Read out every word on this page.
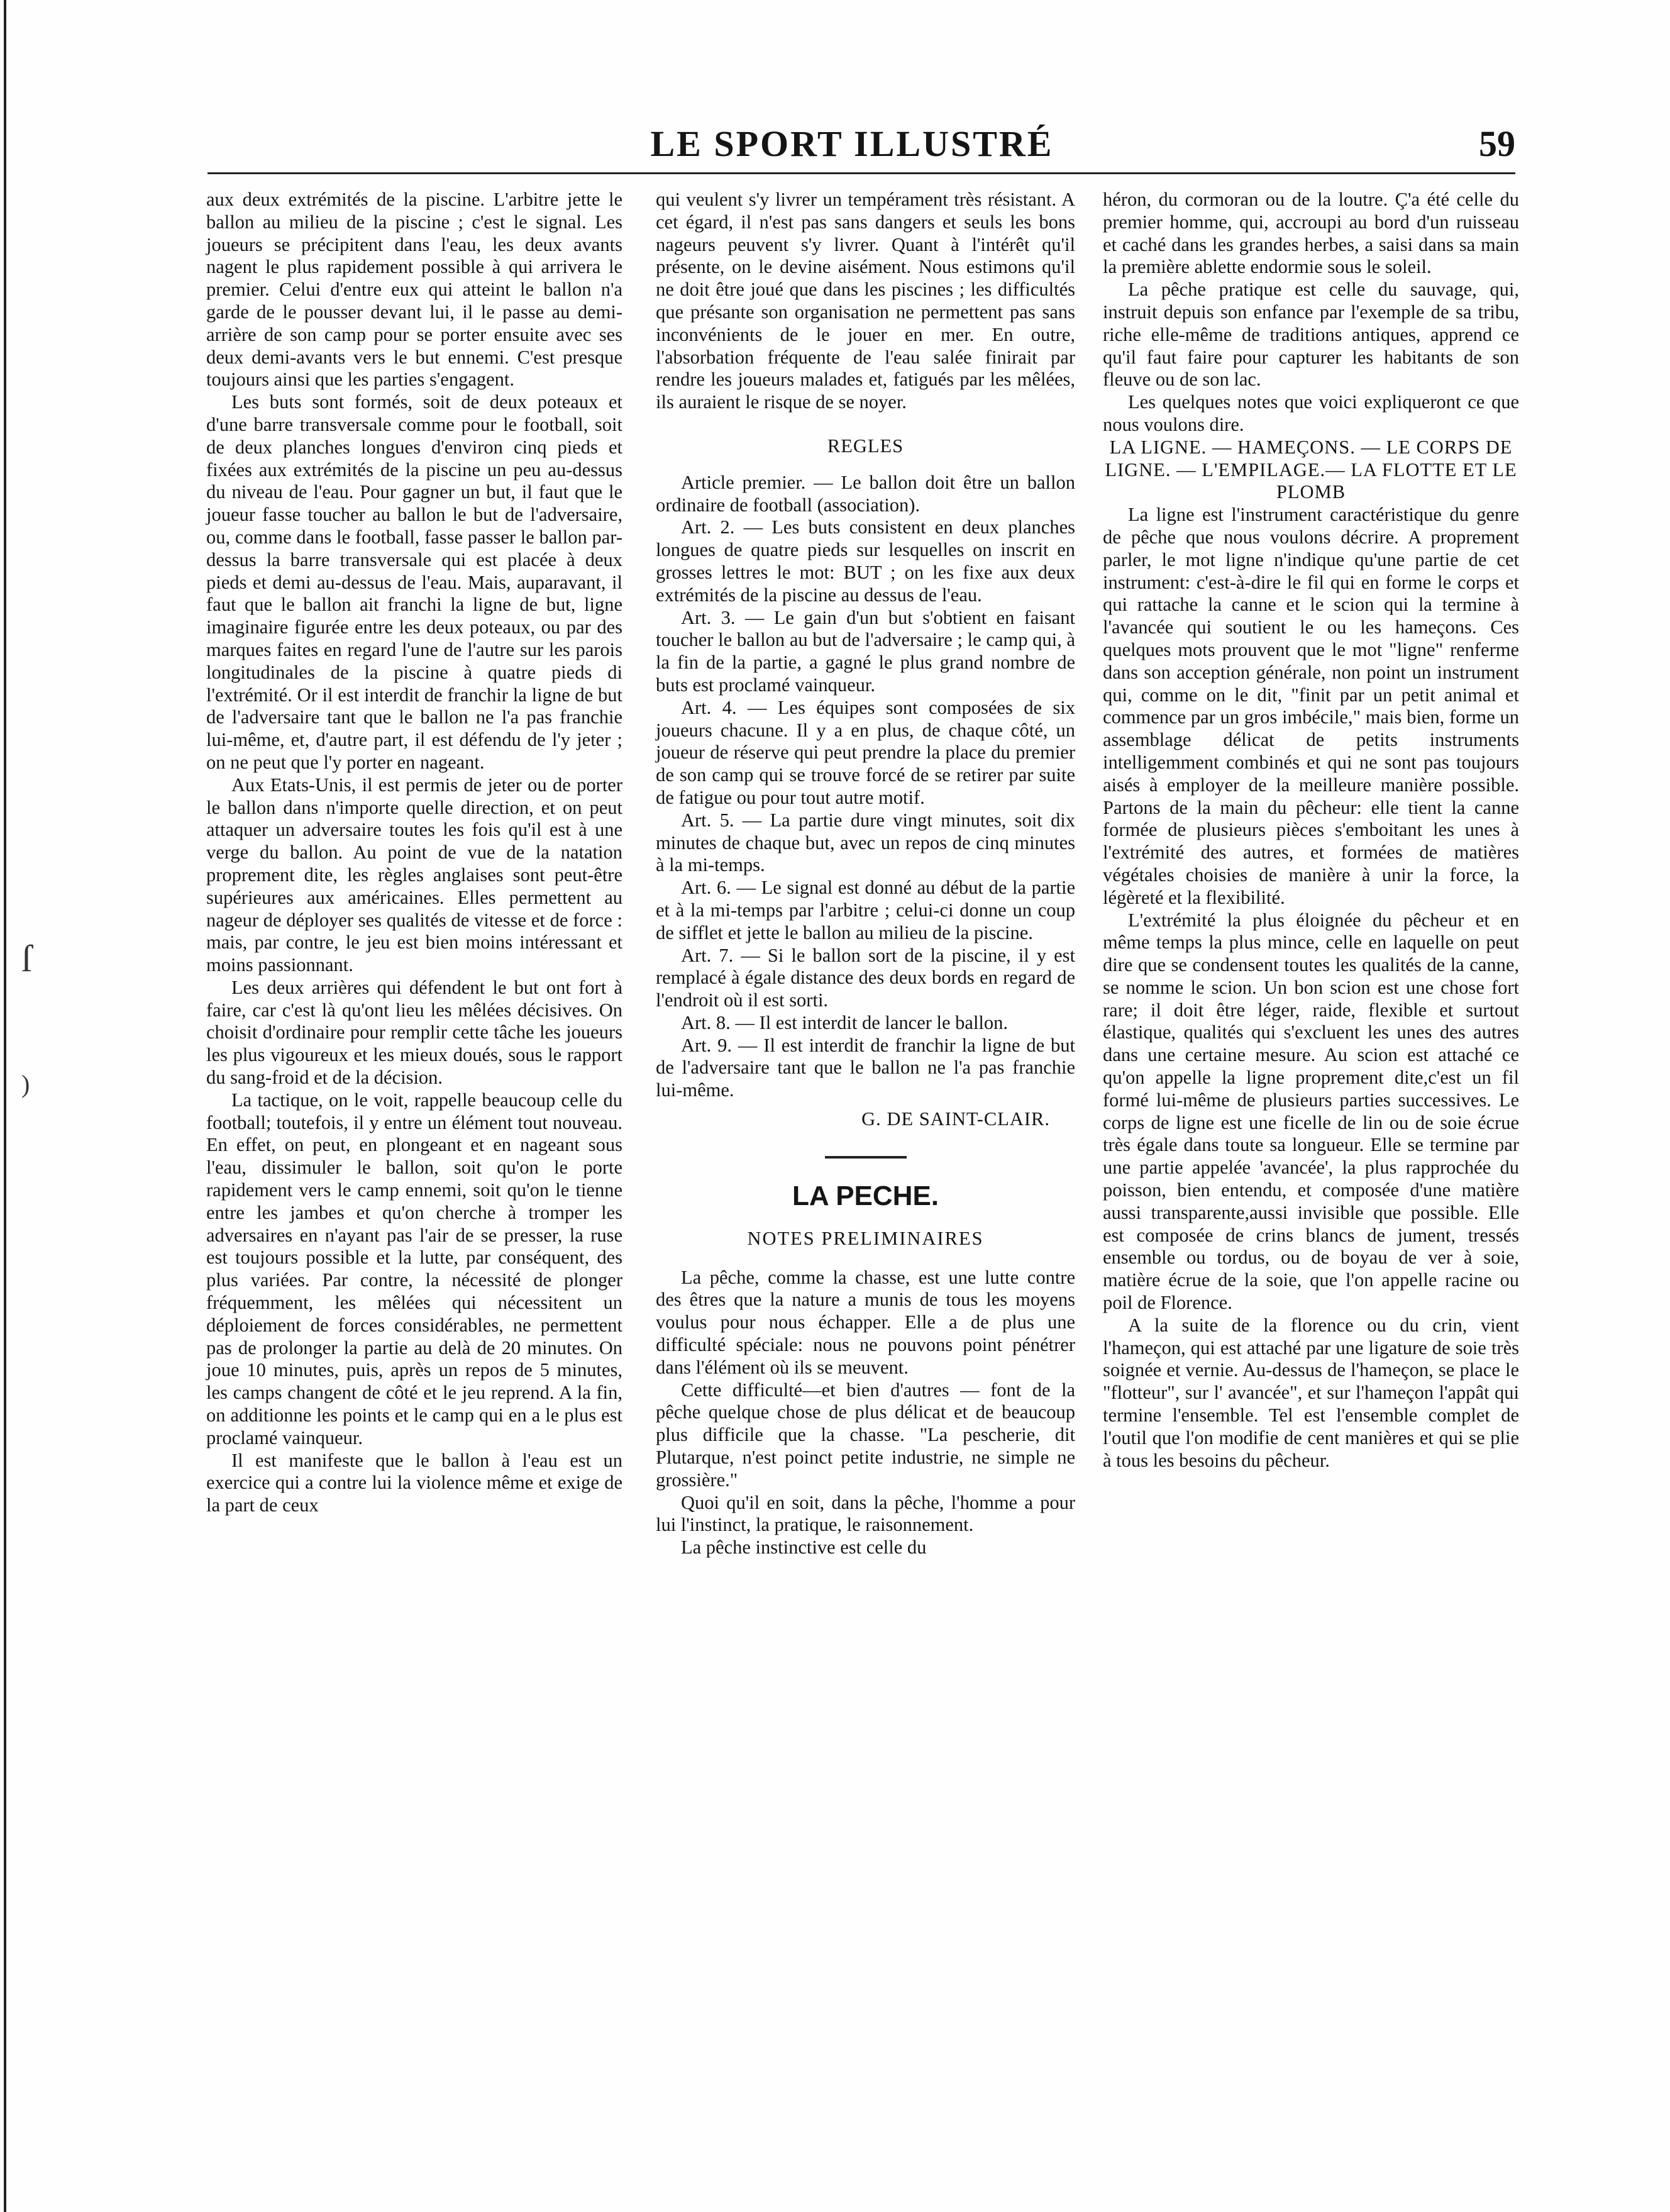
ſ
)
LE SPORT ILLUSTRÉ	59

aux deux extrémités de la piscine. L'arbitre jette le ballon au milieu de la piscine ; c'est le signal. Les joueurs se précipitent dans l'eau, les deux avants nagent le plus rapidement possible à qui arrivera le premier. Celui d'entre eux qui atteint le ballon n'a garde de le pousser devant lui, il le passe au demi-arrière de son camp pour se porter ensuite avec ses deux demi-avants vers le but ennemi. C'est presque toujours ainsi que les parties s'engagent.

Les buts sont formés, soit de deux poteaux et d'une barre transversale comme pour le football, soit de deux planches longues d'environ cinq pieds et fixées aux extrémités de la piscine un peu au-dessus du niveau de l'eau. Pour gagner un but, il faut que le joueur fasse toucher au ballon le but de l'adversaire, ou, comme dans le football, fasse passer le ballon par-dessus la barre transversale qui est placée à deux pieds et demi au-dessus de l'eau. Mais, auparavant, il faut que le ballon ait franchi la ligne de but, ligne imaginaire figurée entre les deux poteaux, ou par des marques faites en regard l'une de l'autre sur les parois longitudinales de la piscine à quatre pieds di l'extrémité. Or il est interdit de franchir la ligne de but de l'adversaire tant que le ballon ne l'a pas franchie lui-même, et, d'autre part, il est défendu de l'y jeter ; on ne peut que l'y porter en nageant.

Aux Etats-Unis, il est permis de jeter ou de porter le ballon dans n'importe quelle direction, et on peut attaquer un adversaire toutes les fois qu'il est à une verge du ballon. Au point de vue de la natation proprement dite, les règles anglaises sont peut-être supérieures aux américaines. Elles permettent au nageur de déployer ses qualités de vitesse et de force : mais, par contre, le jeu est bien moins intéressant et moins passionnant.

Les deux arrières qui défendent le but ont fort à faire, car c'est là qu'ont lieu les mêlées décisives. On choisit d'ordinaire pour remplir cette tâche les joueurs les plus vigoureux et les mieux doués, sous le rapport du sang-froid et de la décision.

La tactique, on le voit, rappelle beaucoup celle du football; toutefois, il y entre un élément tout nouveau. En effet, on peut, en plongeant et en nageant sous l'eau, dissimuler le ballon, soit qu'on le porte rapidement vers le camp ennemi, soit qu'on le tienne entre les jambes et qu'on cherche à tromper les adversaires en n'ayant pas l'air de se presser, la ruse est toujours possible et la lutte, par conséquent, des plus variées. Par contre, la nécessité de plonger fréquemment, les mêlées qui nécessitent un déploiement de forces considérables, ne permettent pas de prolonger la partie au delà de 20 minutes. On joue 10 minutes, puis, après un repos de 5 minutes, les camps changent de côté et le jeu reprend. A la fin, on additionne les points et le camp qui en a le plus est proclamé vainqueur.

Il est manifeste que le ballon à l'eau est un exercice qui a contre lui la violence même et exige de la part de ceux

qui veulent s'y livrer un tempérament très résistant. A cet égard, il n'est pas sans dangers et seuls les bons nageurs peuvent s'y livrer. Quant à l'intérêt qu'il présente, on le devine aisément. Nous estimons qu'il ne doit être joué que dans les piscines ; les difficultés que présante son organisation ne permettent pas sans inconvénients de le jouer en mer. En outre, l'absorbation fréquente de l'eau salée finirait par rendre les joueurs malades et, fatigués par les mêlées, ils auraient le risque de se noyer.

REGLES

Article premier. — Le ballon doit être un ballon ordinaire de football (association).

Art. 2. — Les buts consistent en deux planches longues de quatre pieds sur lesquelles on inscrit en grosses lettres le mot: BUT ; on les fixe aux deux extrémités de la piscine au dessus de l'eau.

Art. 3. — Le gain d'un but s'obtient en faisant toucher le ballon au but de l'adversaire ; le camp qui, à la fin de la partie, a gagné le plus grand nombre de buts est proclamé vainqueur.

Art. 4. — Les équipes sont composées de six joueurs chacune. Il y a en plus, de chaque côté, un joueur de réserve qui peut prendre la place du premier de son camp qui se trouve forcé de se retirer par suite de fatigue ou pour tout autre motif.

Art. 5. — La partie dure vingt minutes, soit dix minutes de chaque but, avec un repos de cinq minutes à la mi-temps.

Art. 6. — Le signal est donné au début de la partie et à la mi-temps par l'arbitre ; celui-ci donne un coup de sifflet et jette le ballon au milieu de la piscine.

Art. 7. — Si le ballon sort de la piscine, il y est remplacé à égale distance des deux bords en regard de l'endroit où il est sorti.

Art. 8. — Il est interdit de lancer le ballon.

Art. 9. — Il est interdit de franchir la ligne de but de l'adversaire tant que le ballon ne l'a pas franchie lui-même.

G. DE SAINT-CLAIR.

LA PECHE.
NOTES PRELIMINAIRES

La pêche, comme la chasse, est une lutte contre des êtres que la nature a munis de tous les moyens voulus pour nous échapper. Elle a de plus une difficulté spéciale: nous ne pouvons point pénétrer dans l'élément où ils se meuvent.

Cette difficulté—et bien d'autres — font de la pêche quelque chose de plus délicat et de beaucoup plus difficile que la chasse. "La pescherie, dit Plutarque, n'est poinct petite industrie, ne simple ne grossière."

Quoi qu'il en soit, dans la pêche, l'homme a pour lui l'instinct, la pratique, le raisonnement.

La pêche instinctive est celle du

héron, du cormoran ou de la loutre. Ç'a été celle du premier homme, qui, accroupi au bord d'un ruisseau et caché dans les grandes herbes, a saisi dans sa main la première ablette endormie sous le soleil.

La pêche pratique est celle du sauvage, qui, instruit depuis son enfance par l'exemple de sa tribu, riche elle-même de traditions antiques, apprend ce qu'il faut faire pour capturer les habitants de son fleuve ou de son lac.

Les quelques notes que voici expliqueront ce que nous voulons dire.

LA LIGNE. — HAMEÇONS. — LE CORPS DE LIGNE. — L'EMPILAGE.— LA FLOTTE ET LE PLOMB

La ligne est l'instrument caractéristique du genre de pêche que nous voulons décrire. A proprement parler, le mot ligne n'indique qu'une partie de cet instrument: c'est-à-dire le fil qui en forme le corps et qui rattache la canne et le scion qui la termine à l'avancée qui soutient le ou les hameçons. Ces quelques mots prouvent que le mot "ligne" renferme dans son acception générale, non point un instrument qui, comme on le dit, "finit par un petit animal et commence par un gros imbécile," mais bien, forme un assemblage délicat de petits instruments intelligemment combinés et qui ne sont pas toujours aisés à employer de la meilleure manière possible. Partons de la main du pêcheur: elle tient la canne formée de plusieurs pièces s'emboitant les unes à l'extrémité des autres, et formées de matières végétales choisies de manière à unir la force, la légèreté et la flexibilité.

L'extrémité la plus éloignée du pêcheur et en même temps la plus mince, celle en laquelle on peut dire que se condensent toutes les qualités de la canne, se nomme le scion. Un bon scion est une chose fort rare; il doit être léger, raide, flexible et surtout élastique, qualités qui s'excluent les unes des autres dans une certaine mesure. Au scion est attaché ce qu'on appelle la ligne proprement dite,c'est un fil formé lui-même de plusieurs parties successives. Le corps de ligne est une ficelle de lin ou de soie écrue très égale dans toute sa longueur. Elle se termine par une partie appelée 'avancée', la plus rapprochée du poisson, bien entendu, et composée d'une matière aussi transparente,aussi invisible que possible. Elle est composée de crins blancs de jument, tressés ensemble ou tordus, ou de boyau de ver à soie, matière écrue de la soie, que l'on appelle racine ou poil de Florence.

A la suite de la florence ou du crin, vient l'hameçon, qui est attaché par une ligature de soie très soignée et vernie. Au-dessus de l'hameçon, se place le "flotteur", sur l' avancée", et sur l'hameçon l'appât qui termine l'ensemble. Tel est l'ensemble complet de l'outil que l'on modifie de cent manières et qui se plie à tous les besoins du pêcheur.
